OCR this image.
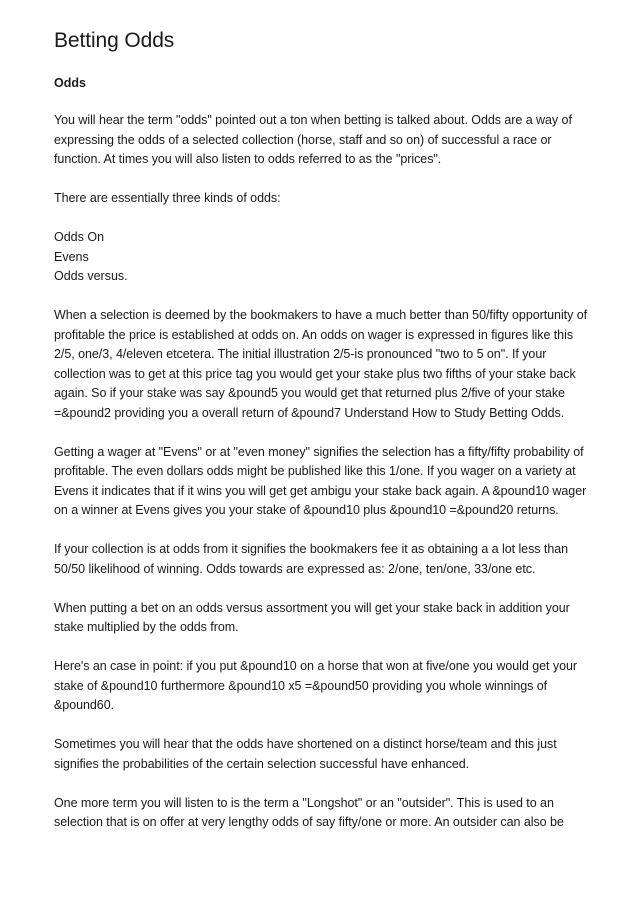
Betting Odds
Odds

You will hear the term "odds" pointed out a ton when betting is talked about. Odds are a way of expressing the odds of a selected collection (horse, staff and so on) of successful a race or function. At times you will also listen to odds referred to as the "prices".

There are essentially three kinds of odds:

Odds On
Evens
Odds versus.

When a selection is deemed by the bookmakers to have a much better than 50/fifty opportunity of profitable the price is established at odds on. An odds on wager is expressed in figures like this 2/5, one/3, 4/eleven etcetera. The initial illustration 2/5-is pronounced "two to 5 on". If your collection was to get at this price tag you would get your stake plus two fifths of your stake back again. So if your stake was say &pound5 you would get that returned plus 2/five of your stake =&pound2 providing you a overall return of &pound7 Understand How to Study Betting Odds.

Getting a wager at "Evens" or at "even money" signifies the selection has a fifty/fifty probability of profitable. The even dollars odds might be published like this 1/one. If you wager on a variety at Evens it indicates that if it wins you will get get ambigu your stake back again. A &pound10 wager on a winner at Evens gives you your stake of &pound10 plus &pound10 =&pound20 returns.

If your collection is at odds from it signifies the bookmakers fee it as obtaining a a lot less than 50/50 likelihood of winning. Odds towards are expressed as: 2/one, ten/one, 33/one etc.

When putting a bet on an odds versus assortment you will get your stake back in addition your stake multiplied by the odds from.

Here's an case in point: if you put &pound10 on a horse that won at five/one you would get your stake of &pound10 furthermore &pound10 x5 =&pound50 providing you whole winnings of &pound60.

Sometimes you will hear that the odds have shortened on a distinct horse/team and this just signifies the probabilities of the certain selection successful have enhanced.

One more term you will listen to is the term a "Longshot" or an "outsider". This is used to an selection that is on offer at very lengthy odds of say fifty/one or more. An outsider can also be
